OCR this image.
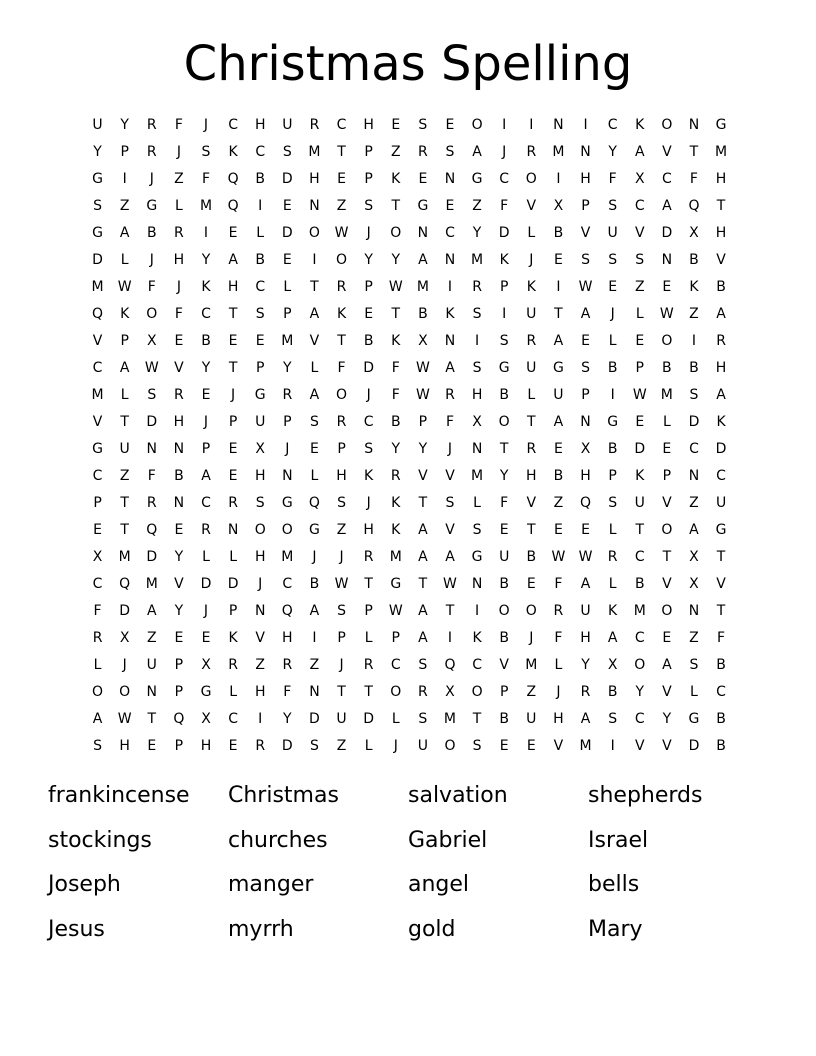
Christmas Spelling
U Y R F J C H U R C H E S E O I I N I C K O N G
Y P R J S K C S M T P Z R S A J R M N Y A V T M
G I J Z F Q B D H E P K E N G C O I H F X C F H
S Z G L M Q I E N Z S T G E Z F V X P S C A Q T
G A B R I E L D O W J O N C Y D L B V U V D X H
D L J H Y A B E I O Y Y A N M K J E S S S N B V
M W F J K H C L T R P W M I R P K I W E Z E K B
Q K O F C T S P A K E T B K S I U T A J L W Z A
V P X E B E E M V T B K X N I S R A E L E O I R
C A W V Y T P Y L F D F W A S G U G S B P B B H
M L S R E J G R A O J F W R H B L U P I W M S A
V T D H J P U P S R C B P F X O T A N G E L D K
G U N N P E X J E P S Y Y J N T R E X B D E C D
C Z F B A E H N L H K R V V M Y H B H P K P N C
P T R N C R S G Q S J K T S L F V Z Q S U V Z U
E T Q E R N O O G Z H K A V S E T E E L T O A G
X M D Y L L H M J J R M A A G U B W W R C T X T
C Q M V D D J C B W T G T W N B E F A L B V X V
F D A Y J P N Q A S P W A T I O O R U K M O N T
R X Z E E K V H I P L P A I K B J F H A C E Z F
L J U P X R Z R Z J R C S Q C V M L Y X O A S B
O O N P G L H F N T T O R X O P Z J R B Y V L C
A W T Q X C I Y D U D L S M T B U H A S C Y G B
S H E P H E R D S Z L J U O S E E V M I V V D B
frankincense Christmas	salvation	shepherds
stockings	churches	Gabriel	Israel
Joseph	manger	angel	bells
Jesus	myrrh	gold	Mary
